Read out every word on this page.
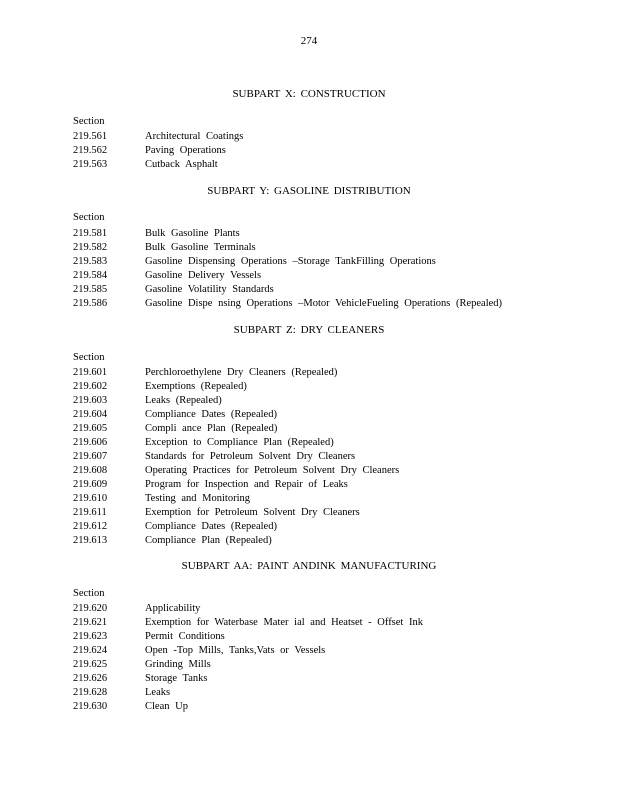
274
SUBPART X: CONSTRUCTION
Section
219.561	Architectural Coatings
219.562	Paving Operations
219.563	Cutback Asphalt
SUBPART Y: GASOLINE DISTRIBUTION
Section
219.581	Bulk Gasoline Plants
219.582	Bulk Gasoline Terminals
219.583	Gasoline Dispensing Operations –Storage TankFilling Operations
219.584	Gasoline Delivery Vessels
219.585	Gasoline Volatility Standards
219.586	Gasoline Dispe nsing Operations –Motor VehicleFueling Operations (Repealed)
SUBPART Z: DRY CLEANERS
Section
219.601	Perchloroethylene Dry Cleaners (Repealed)
219.602	Exemptions (Repealed)
219.603	Leaks (Repealed)
219.604	Compliance Dates (Repealed)
219.605	Compli ance Plan (Repealed)
219.606	Exception to Compliance Plan (Repealed)
219.607	Standards for Petroleum Solvent Dry Cleaners
219.608	Operating Practices for Petroleum Solvent Dry Cleaners
219.609	Program for Inspection and Repair of Leaks
219.610	Testing and Monitoring
219.611	Exemption for Petroleum Solvent Dry Cleaners
219.612	Compliance Dates (Repealed)
219.613	Compliance Plan (Repealed)
SUBPART AA: PAINT ANDINK MANUFACTURING
Section
219.620	Applicability
219.621	Exemption for Waterbase Mater ial and Heatset - Offset Ink
219.623	Permit Conditions
219.624	Open -Top Mills, Tanks,Vats or Vessels
219.625	Grinding Mills
219.626	Storage Tanks
219.628	Leaks
219.630	Clean Up
